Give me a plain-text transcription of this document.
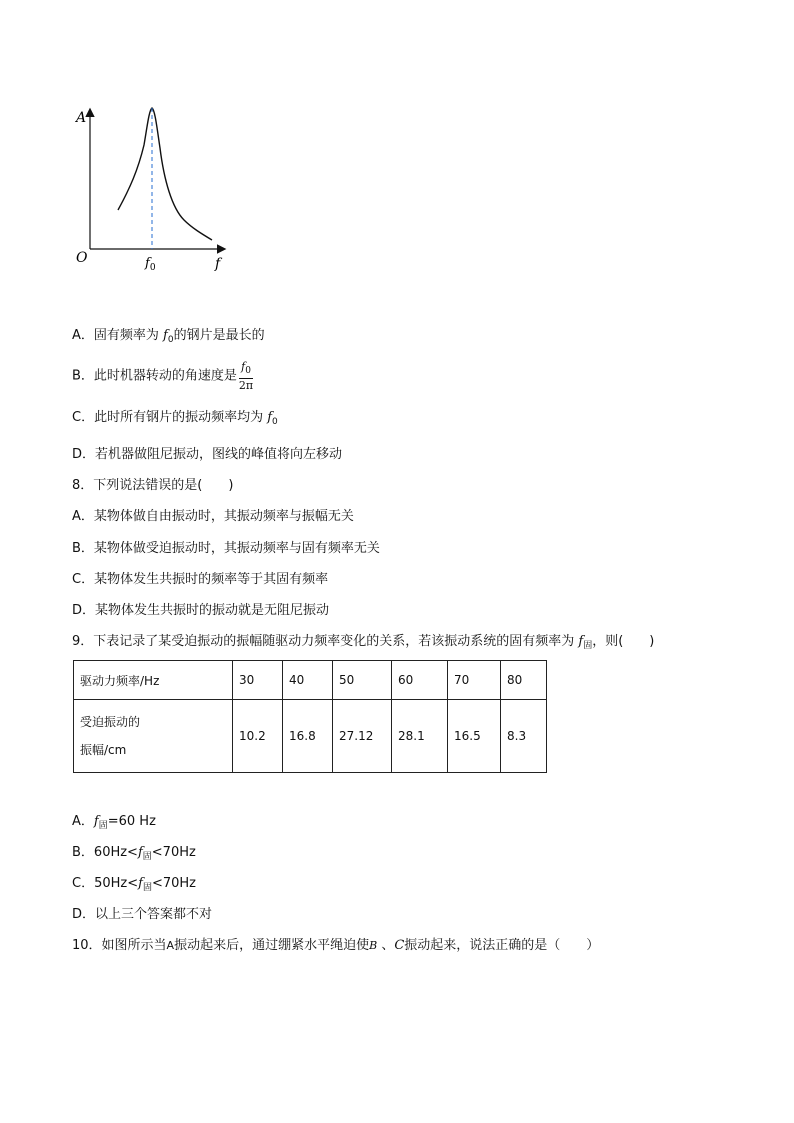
A
O	f
$f_0$
A．固有频率为 $f_0$的钢片是最长的
B．此时机器转动的角速度是 $\frac{f_0}{2\pi}$
C．此时所有钢片的振动频率均为 $f_0$
D．若机器做阻尼振动，图线的峰值将向左移动
8．下列说法错误的是(　　)
A．某物体做自由振动时，其振动频率与振幅无关
B．某物体做受迫振动时，其振动频率与固有频率无关
C．某物体发生共振时的频率等于其固有频率
D．某物体发生共振时的振动就是无阻尼振动
9．下表记录了某受迫振动的振幅随驱动力频率变化的关系，若该振动系统的固有频率为 $f_固$，则(　　)
驱动力频率/Hz	30	40	50	60	70	80
受迫振动的
振幅/cm	10.2	16.8	27.12	28.1	16.5	8.3
A．$f_固=60$ Hz
B．$60Hz<f_固<70Hz$
C．$50Hz<f_固<70Hz$
D．以上三个答案都不对
10．如图所示当A振动起来后，通过绷紧水平绳迫使B 、C振动起来，说法正确的是（　　）
